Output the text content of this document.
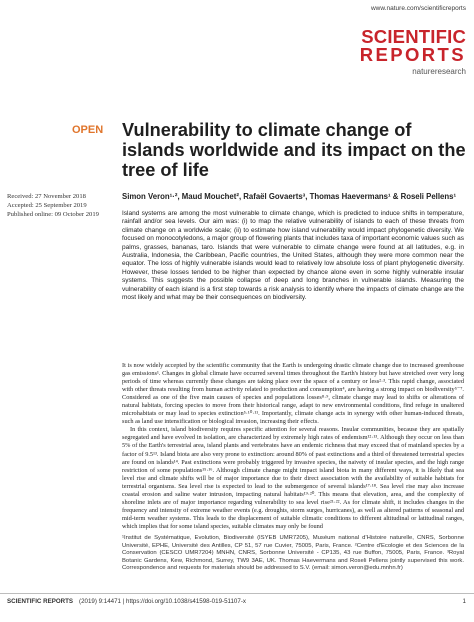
www.nature.com/scientificreports
SCIENTIFIC
REPORTS
natureresearch
OPEN Vulnerability to climate change of islands worldwide and its impact on the tree of life
Received: 27 November 2018
Accepted: 25 September 2019
Published online: 09 October 2019
Simon Veron¹·², Maud Mouchet², Rafaël Govaerts³, Thomas Haevermans¹ & Roseli Pellens¹
Island systems are among the most vulnerable to climate change, which is predicted to induce shifts in temperature, rainfall and/or sea levels. Our aim was: (i) to map the relative vulnerability of islands to each of these threats from climate change on a worldwide scale; (ii) to estimate how island vulnerability would impact phylogenetic diversity. We focused on monocotyledons, a major group of flowering plants that includes taxa of important economic values such as palms, grasses, bananas, taro. Islands that were vulnerable to climate change were found at all latitudes, e.g. in Australia, Indonesia, the Caribbean, Pacific countries, the United States, although they were more common near the equator. The loss of highly vulnerable islands would lead to relatively low absolute loss of plant phylogenetic diversity. However, these losses tended to be higher than expected by chance alone even in some highly vulnerable insular systems. This suggests the possible collapse of deep and long branches in vulnerable islands. Measuring the vulnerability of each island is a first step towards a risk analysis to identify where the impacts of climate change are the most likely and what may be their consequences on biodiversity.

It is now widely accepted by the scientific community that the Earth is undergoing drastic climate change due to increased greenhouse gas emissions¹. Changes in global climate have occurred several times throughout the Earth's history but have stretched over very long periods of time whereas currently these changes are taking place over the space of a century or less²·³. This rapid change, associated with other threats resulting from human activity related to production and consumption⁴, are having a strong impact on biodiversity⁵⁻⁷. Considered as one of the five main causes of species and populations losses⁸·⁹, climate change may lead to shifts or alterations of natural habitats, forcing species to move from their historical range, adapt to new environmental conditions, find refuge in unaltered microhabitats or may lead to species extinction⁵·¹⁰·¹¹. Importantly, climate change acts in synergy with other human-induced threats, such as land use intensification or biological invasion, increasing their effects.

In this context, island biodiversity requires specific attention for several reasons. Insular communities, because they are spatially segregated and have evolved in isolation, are characterized by extremely high rates of endemism¹²·¹³. Although they occur on less than 5% of the Earth's terrestrial area, island plants and vertebrates have an endemic richness that may exceed that of mainland species by a factor of 9.5¹³. Island biota are also very prone to extinction: around 80% of past extinctions and a third of threatened terrestrial species are found on islands¹⁴. Past extinctions were probably triggered by invasive species, the naivety of insular species, and the high range restriction of some populations¹⁵·¹⁶. Although climate change might impact island biota in many different ways, it is likely that sea level rise and climate shifts will be of major importance due to their direct association with the availability of suitable habitats for terrestrial organisms. Sea level rise is expected to lead to the submergence of several islands¹⁷·¹⁸. Sea level rise may also increase coastal erosion and saline water intrusion, impacting natural habitats¹⁹·²⁰. This means that elevation, area, and the complexity of shoreline inlets are of major importance regarding vulnerability to sea level rise²¹·²². As for climate shift, it includes changes in the frequency and intensity of extreme weather events (e.g. droughts, storm surges, hurricanes), as well as altered patterns of seasonal and mid-term weather systems. This leads to the displacement of suitable climatic conditions to different altitudinal or latitudinal ranges, which implies that for some island species, suitable climates may only be found

¹Institut de Systématique, Evolution, Biodiversité (ISYEB UMR7205), Muséum national d'Histoire naturelle, CNRS, Sorbonne Université, EPHE, Université des Antilles, CP 51, 57 rue Cuvier, 75005, Paris, France. ²Centre d'Ecologie et des Sciences de la Conservation (CESCO UMR7204) MNHN, CNRS, Sorbonne Université - CP135, 43 rue Buffon, 75005, Paris, France. ³Royal Botanic Gardens, Kew, Richmond, Surrey, TW9 3AE, UK. Thomas Haevermans and Roseli Pellens jointly supervised this work. Correspondence and requests for materials should be addressed to S.V. (email: simon.veron@edu.mnhn.fr)
SCIENTIFIC REPORTS (2019) 9:14471 | https://doi.org/10.1038/s41598-019-51107-x	1
